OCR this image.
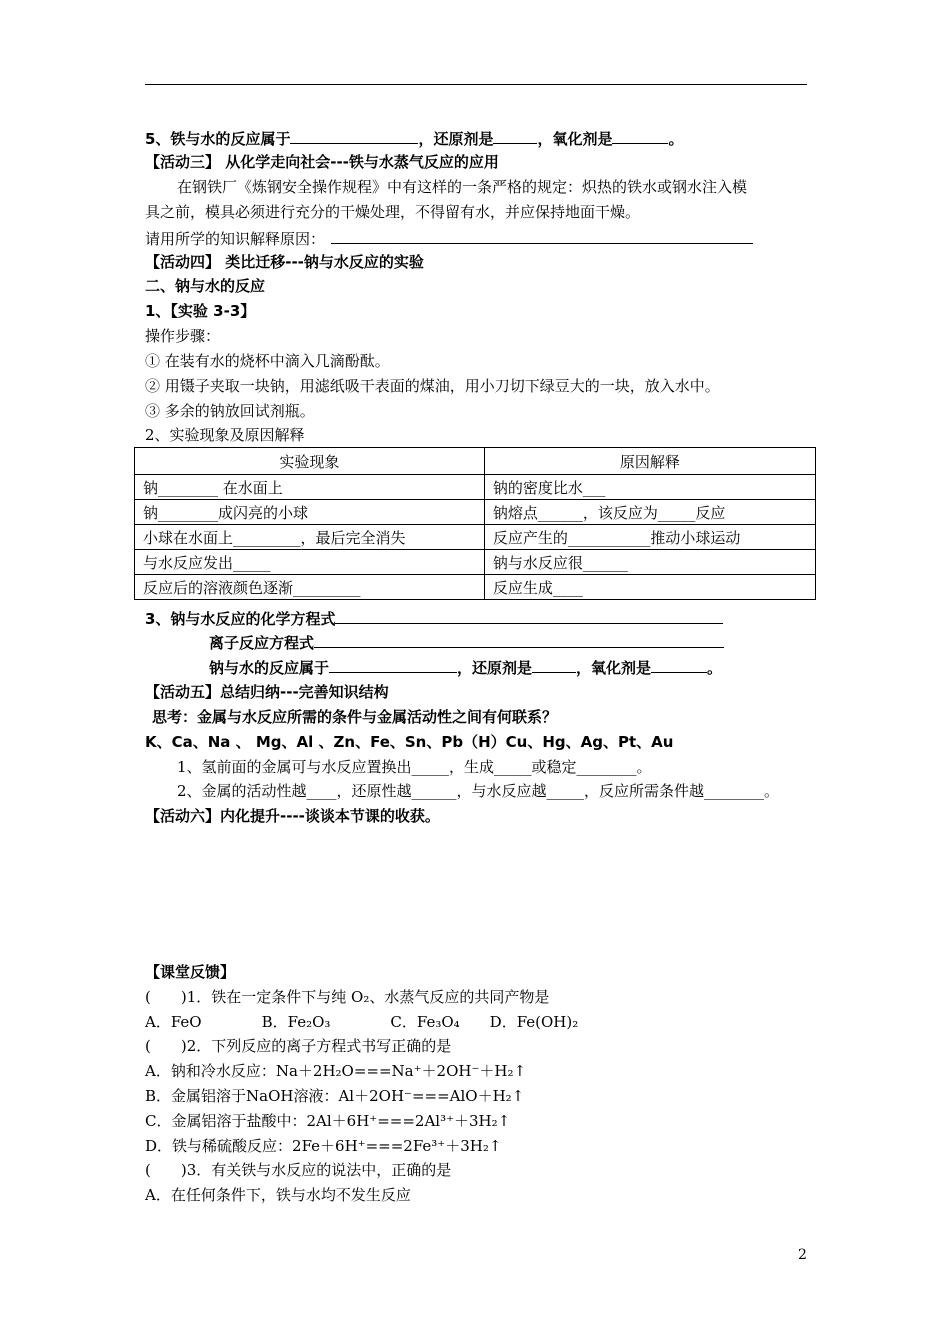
5、铁与水的反应属于	，还原剂是	，氧化剂是	。
【活动三】 从化学走向社会---铁与水蒸气反应的应用
在钢铁厂《炼钢安全操作规程》中有这样的一条严格的规定：炽热的铁水或钢水注入模
具之前，模具必须进行充分的干燥处理，不得留有水，并应保持地面干燥。
请用所学的知识解释原因：
【活动四】 类比迁移---钠与水反应的实验
二、钠与水的反应
1、【实验 3-3】
操作步骤：
① 在装有水的烧杯中滴入几滴酚酞。
② 用镊子夹取一块钠，用滤纸吸干表面的煤油，用小刀切下绿豆大的一块，放入水中。
③ 多余的钠放回试剂瓶。
2、实验现象及原因解释
实验现象	原因解释
钠________ 在水面上	钠的密度比水___
钠________成闪亮的小球	钠熔点______，该反应为_____反应
小球在水面上_________，最后完全消失	反应产生的___________推动小球运动
与水反应发出_____	钠与水反应很______
反应后的溶液颜色逐渐_________	反应生成____
3、钠与水反应的化学方程式
离子反应方程式
钠与水的反应属于	，还原剂是	，氧化剂是	。
【活动五】总结归纳---完善知识结构
思考：金属与水反应所需的条件与金属活动性之间有何联系？
K、Ca、Na 、 Mg、Al 、Zn、Fe、Sn、Pb（H）Cu、Hg、Ag、Pt、Au
1、氢前面的金属可与水反应置换出_____，生成_____或稳定________。
2、金属的活动性越____，还原性越______，与水反应越_____，反应所需条件越________。
【活动六】内化提升----谈谈本节课的收获。
【课堂反馈】
(　　)1．铁在一定条件下与纯 O₂、水蒸气反应的共同产物是
A．FeO　　　　B．Fe₂O₃　　　　C．Fe₃O₄　　D．Fe(OH)₂
(　　)2．下列反应的离子方程式书写正确的是
A．钠和冷水反应：Na＋2H₂O===Na⁺＋2OH⁻＋H₂↑
B．金属铝溶于NaOH溶液：Al＋2OH⁻===AlO＋H₂↑
C．金属铝溶于盐酸中：2Al＋6H⁺===2Al³⁺＋3H₂↑
D．铁与稀硫酸反应：2Fe＋6H⁺===2Fe³⁺＋3H₂↑
(　　)3．有关铁与水反应的说法中，正确的是
A．在任何条件下，铁与水均不发生反应
2
